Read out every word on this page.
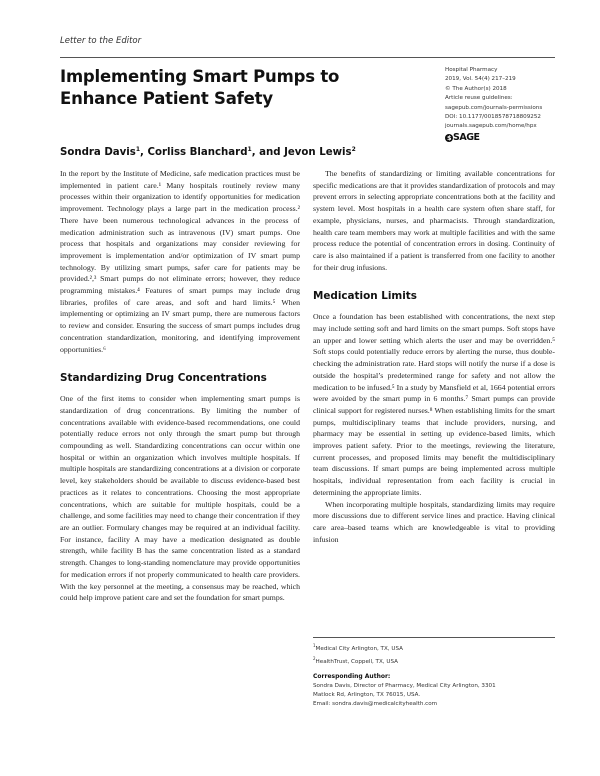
Letter to the Editor
Implementing Smart Pumps to Enhance Patient Safety
Hospital Pharmacy
2019, Vol. 54(4) 217–219
© The Author(s) 2018
Article reuse guidelines:
sagepub.com/journals-permissions
DOI: 10.1177/0018578718809252
journals.sagepub.com/home/hpx
$ SAGE
Sondra Davis$^1$, Corliss Blanchard$^1$, and Jevon Lewis$^2$

In the report by the Institute of Medicine, safe medication practices must be implemented in patient care.¹ Many hospitals routinely review many processes within their organization to identify opportunities for medication improvement. Technology plays a large part in the medication process.² There have been numerous technological advances in the process of medication administration such as intravenous (IV) smart pumps. One process that hospitals and organizations may consider reviewing for improvement is implementation and/or optimization of IV smart pump technology. By utilizing smart pumps, safer care for patients may be provided.²,³ Smart pumps do not eliminate errors; however, they reduce programming mistakes.⁴ Features of smart pumps may include drug libraries, profiles of care areas, and soft and hard limits.⁵ When implementing or optimizing an IV smart pump, there are numerous factors to review and consider. Ensuring the success of smart pumps includes drug concentration standardization, monitoring, and identifying improvement opportunities.⁶

Standardizing Drug Concentrations

One of the first items to consider when implementing smart pumps is standardization of drug concentrations. By limiting the number of concentrations available with evidence-based recommendations, one could potentially reduce errors not only through the smart pump but through compounding as well. Standardizing concentrations can occur within one hospital or within an organization which involves multiple hospitals. If multiple hospitals are standardizing concentrations at a division or corporate level, key stakeholders should be available to discuss evidence-based best practices as it relates to concentrations. Choosing the most appropriate concentrations, which are suitable for multiple hospitals, could be a challenge, and some facilities may need to change their concentration if they are an outlier. Formulary changes may be required at an individual facility. For instance, facility A may have a medication designated as double strength, while facility B has the same concentration listed as a standard strength. Changes to long-standing nomenclature may provide opportunities for medication errors if not properly communicated to health care providers. With the key personnel at the meeting, a consensus may be reached, which could help improve patient care and set the foundation for smart pumps.

The benefits of standardizing or limiting available concentrations for specific medications are that it provides standardization of protocols and may prevent errors in selecting appropriate concentrations both at the facility and system level. Most hospitals in a health care system often share staff, for example, physicians, nurses, and pharmacists. Through standardization, health care team members may work at multiple facilities and with the same process reduce the potential of concentration errors in dosing. Continuity of care is also maintained if a patient is transferred from one facility to another for their drug infusions.

Medication Limits

Once a foundation has been established with concentrations, the next step may include setting soft and hard limits on the smart pumps. Soft stops have an upper and lower setting which alerts the user and may be overridden.⁵ Soft stops could potentially reduce errors by alerting the nurse, thus double-checking the administration rate. Hard stops will notify the nurse if a dose is outside the hospital’s predetermined range for safety and not allow the medication to be infused.⁵ In a study by Mansfield et al, 1664 potential errors were avoided by the smart pump in 6 months.⁷ Smart pumps can provide clinical support for registered nurses.⁸ When establishing limits for the smart pumps, multidisciplinary teams that include providers, nursing, and pharmacy may be essential in setting up evidence-based limits, which improves patient safety. Prior to the meetings, reviewing the literature, current processes, and proposed limits may benefit the multidisciplinary team discussions. If smart pumps are being implemented across multiple hospitals, individual representation from each facility is crucial in determining the appropriate limits.

When incorporating multiple hospitals, standardizing limits may require more discussions due to different service lines and practice. Having clinical care area–based teams which are knowledgeable is vital to providing infusion

$^1$Medical City Arlington, TX, USA
$^2$HealthTrust, Coppell, TX, USA
Corresponding Author:
Sondra Davis, Director of Pharmacy, Medical City Arlington, 3301
Matlock Rd, Arlington, TX 76015, USA.
Email: sondra.davis@medicalcityhealth.com
